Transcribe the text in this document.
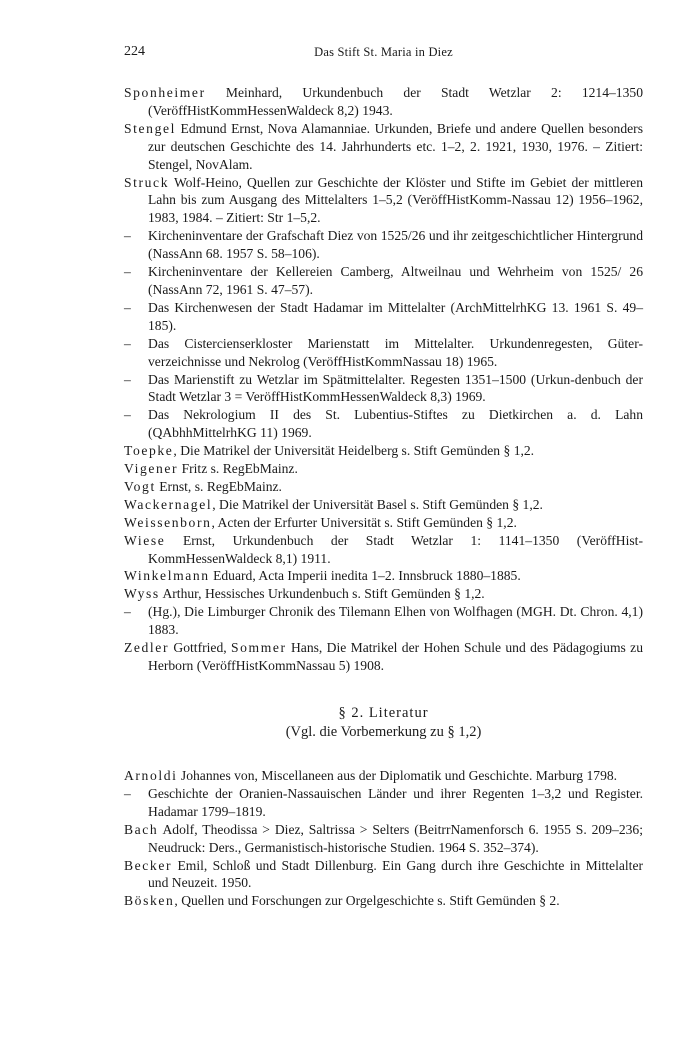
224	Das Stift St. Maria in Diez

Sponheimer Meinhard, Urkundenbuch der Stadt Wetzlar 2: 1214–1350 (VeröffHistKommHessenWaldeck 8,2) 1943.

Stengel Edmund Ernst, Nova Alamanniae. Urkunden, Briefe und andere Quellen besonders zur deutschen Geschichte des 14. Jahrhunderts etc. 1–2, 2. 1921, 1930, 1976. – Zitiert: Stengel, NovAlam.

Struck Wolf-Heino, Quellen zur Geschichte der Klöster und Stifte im Gebiet der mittleren Lahn bis zum Ausgang des Mittelalters 1–5,2 (VeröffHistKomm-Nassau 12) 1956–1962, 1983, 1984. – Zitiert: Str 1–5,2.

– Kircheninventare der Grafschaft Diez von 1525/26 und ihr zeitgeschichtlicher Hintergrund (NassAnn 68. 1957 S. 58–106).

– Kircheninventare der Kellereien Camberg, Altweilnau und Wehrheim von 1525/ 26 (NassAnn 72, 1961 S. 47–57).

– Das Kirchenwesen der Stadt Hadamar im Mittelalter (ArchMittelrhKG 13. 1961 S. 49–185).

– Das Cistercienserkloster Marienstatt im Mittelalter. Urkundenregesten, Güter-verzeichnisse und Nekrolog (VeröffHistKommNassau 18) 1965.

– Das Marienstift zu Wetzlar im Spätmittelalter. Regesten 1351–1500 (Urkun-denbuch der Stadt Wetzlar 3 = VeröffHistKommHessenWaldeck 8,3) 1969.

– Das Nekrologium II des St. Lubentius-Stiftes zu Dietkirchen a. d. Lahn (QAbhhMittelrhKG 11) 1969.

Toepke, Die Matrikel der Universität Heidelberg s. Stift Gemünden § 1,2.

Vigener Fritz s. RegEbMainz.

Vogt Ernst, s. RegEbMainz.

Wackernagel, Die Matrikel der Universität Basel s. Stift Gemünden § 1,2.

Weissenborn, Acten der Erfurter Universität s. Stift Gemünden § 1,2.

Wiese Ernst, Urkundenbuch der Stadt Wetzlar 1: 1141–1350 (VeröffHist-KommHessenWaldeck 8,1) 1911.

Winkelmann Eduard, Acta Imperii inedita 1–2. Innsbruck 1880–1885.

Wyss Arthur, Hessisches Urkundenbuch s. Stift Gemünden § 1,2.

– (Hg.), Die Limburger Chronik des Tilemann Elhen von Wolfhagen (MGH. Dt. Chron. 4,1) 1883.

Zedler Gottfried, Sommer Hans, Die Matrikel der Hohen Schule und des Pädagogiums zu Herborn (VeröffHistKommNassau 5) 1908.

§ 2. Literatur
(Vgl. die Vorbemerkung zu § 1,2)

Arnoldi Johannes von, Miscellaneen aus der Diplomatik und Geschichte. Marburg 1798.

– Geschichte der Oranien-Nassauischen Länder und ihrer Regenten 1–3,2 und Register. Hadamar 1799–1819.

Bach Adolf, Theodissa > Diez, Saltrissa > Selters (BeitrrNamenforsch 6. 1955 S. 209–236; Neudruck: Ders., Germanistisch-historische Studien. 1964 S. 352–374).

Becker Emil, Schloß und Stadt Dillenburg. Ein Gang durch ihre Geschichte in Mittelalter und Neuzeit. 1950.

Bösken, Quellen und Forschungen zur Orgelgeschichte s. Stift Gemünden § 2.
